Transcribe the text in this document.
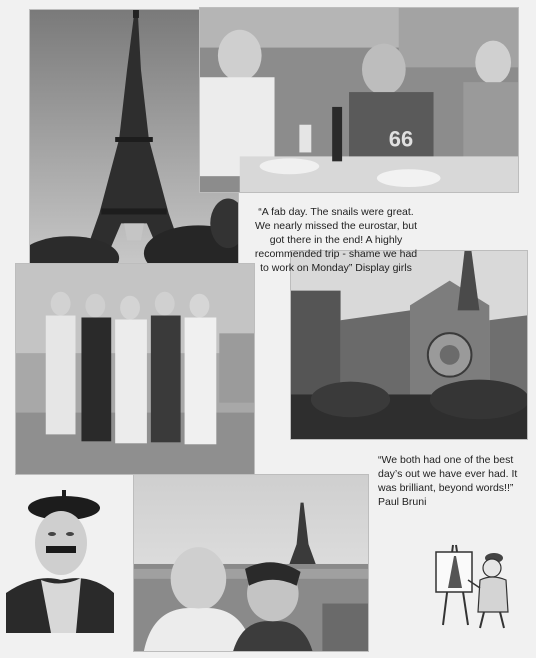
66
“A fab day. The snails were great. We nearly missed the eurostar, but got there in the end! A highly recommended trip - shame we had to work on Monday” Display girls
“We both had one of the best day’s out we have ever had. It was brilliant, beyond words!!” Paul Bruni
